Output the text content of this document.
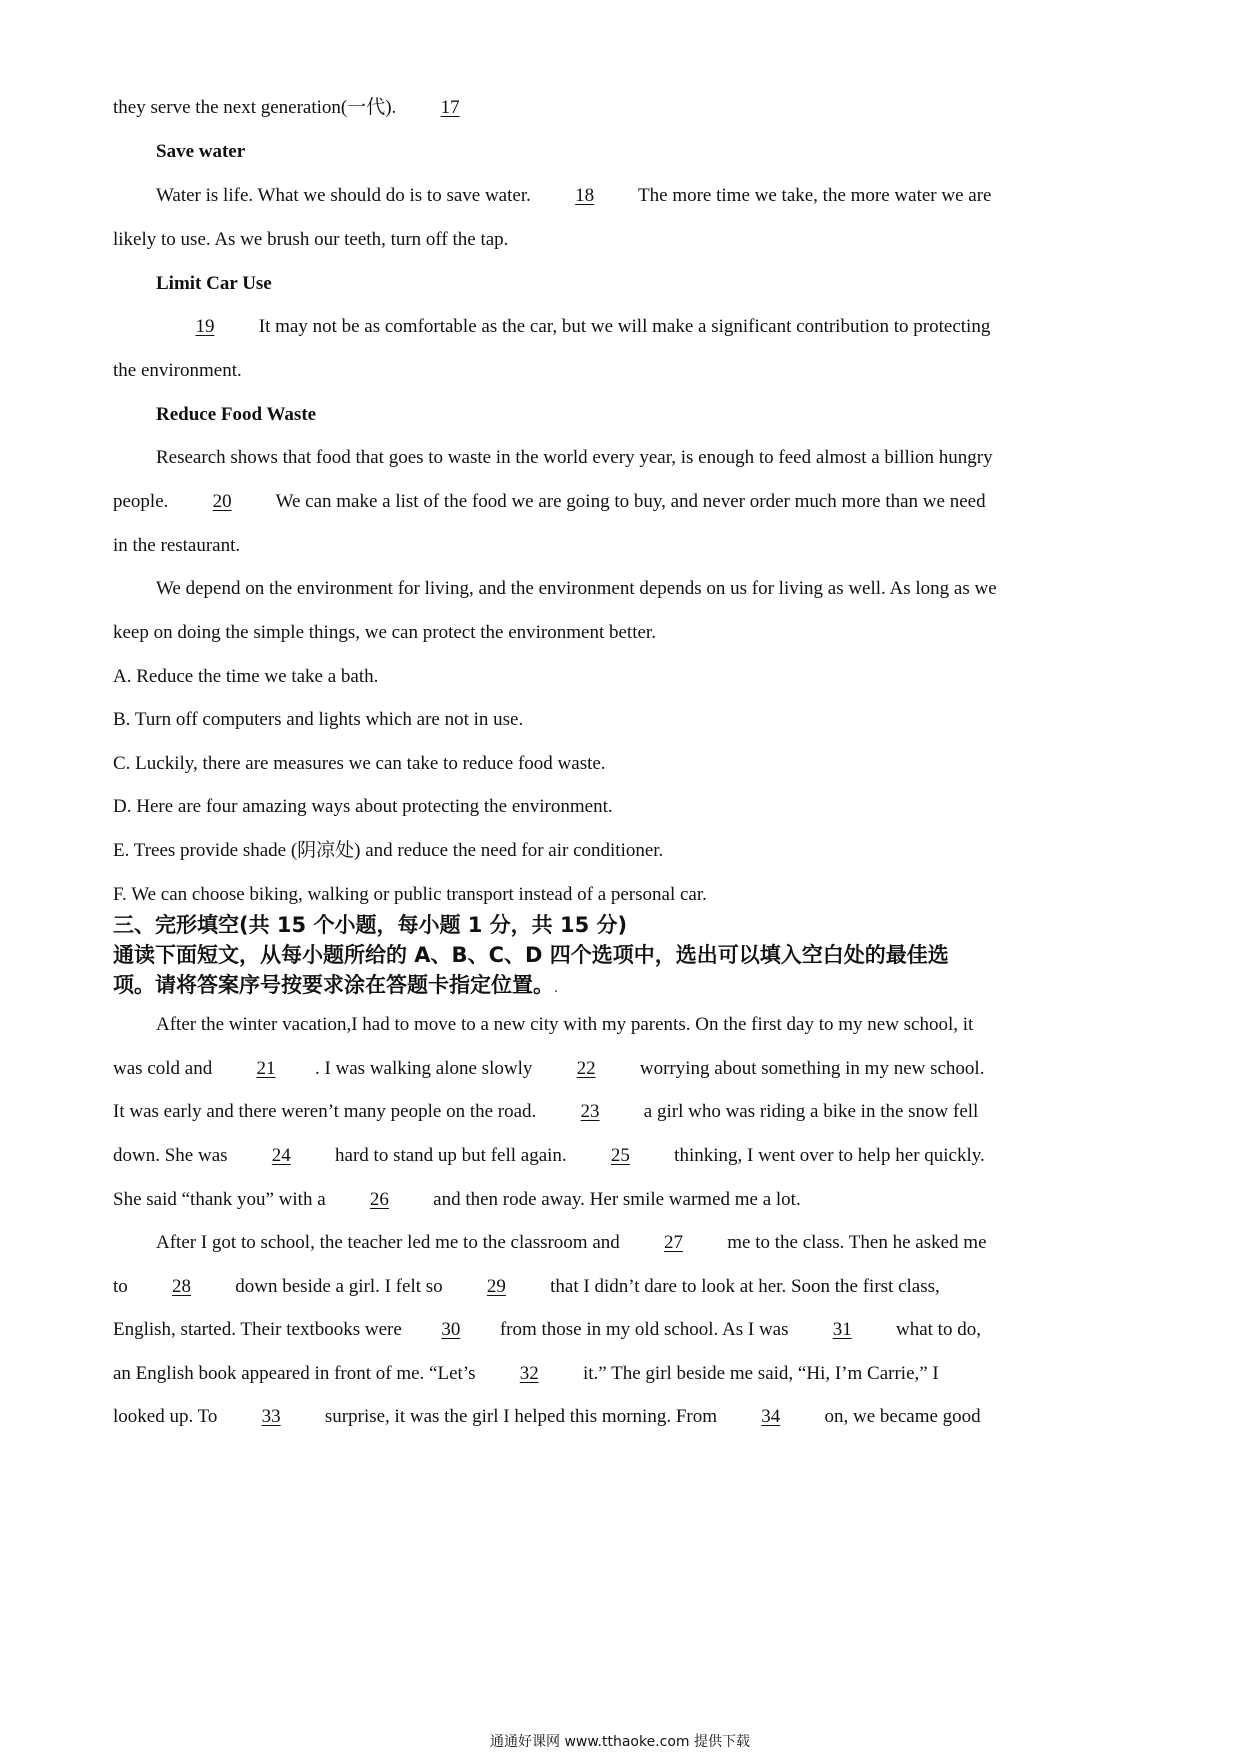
they serve the next generation(一代). 17
Save water
Water is life. What we should do is to save water. 18 The more time we take, the more water we are
likely to use. As we brush our teeth, turn off the tap.
Limit Car Use
19 It may not be as comfortable as the car, but we will make a significant contribution to protecting
the environment.
Reduce Food Waste
Research shows that food that goes to waste in the world every year, is enough to feed almost a billion hungry
people. 20 We can make a list of the food we are going to buy, and never order much more than we need
in the restaurant.
We depend on the environment for living, and the environment depends on us for living as well. As long as we
keep on doing the simple things, we can protect the environment better.
A. Reduce the time we take a bath.
B. Turn off computers and lights which are not in use.
C. Luckily, there are measures we can take to reduce food waste.
D. Here are four amazing ways about protecting the environment.
E. Trees provide shade (阴凉处) and reduce the need for air conditioner.
F. We can choose biking, walking or public transport instead of a personal car.
三、完形填空(共 15 个小题，每小题 1 分，共 15 分)
通读下面短文，从每小题所给的 A、B、C、D 四个选项中，选出可以填入空白处的最佳选
项。请将答案序号按要求涂在答题卡指定位置。.
After the winter vacation,I had to move to a new city with my parents. On the first day to my new school, it
was cold and 21 . I was walking alone slowly 22 worrying about something in my new school.
It was early and there weren’t many people on the road. 23 a girl who was riding a bike in the snow fell
down. She was 24 hard to stand up but fell again. 25 thinking, I went over to help her quickly.
She said “thank you” with a 26 and then rode away. Her smile warmed me a lot.
After I got to school, the teacher led me to the classroom and 27 me to the class. Then he asked me
to 28 down beside a girl. I felt so 29 that I didn’t dare to look at her. Soon the first class,
English, started. Their textbooks were 30 from those in my old school. As I was 31 what to do,
an English book appeared in front of me. “Let’s 32 it.” The girl beside me said, “Hi, I’m Carrie,” I
looked up. To 33 surprise, it was the girl I helped this morning. From 34 on, we became good
通通好课网 www.tthaoke.com 提供下载
